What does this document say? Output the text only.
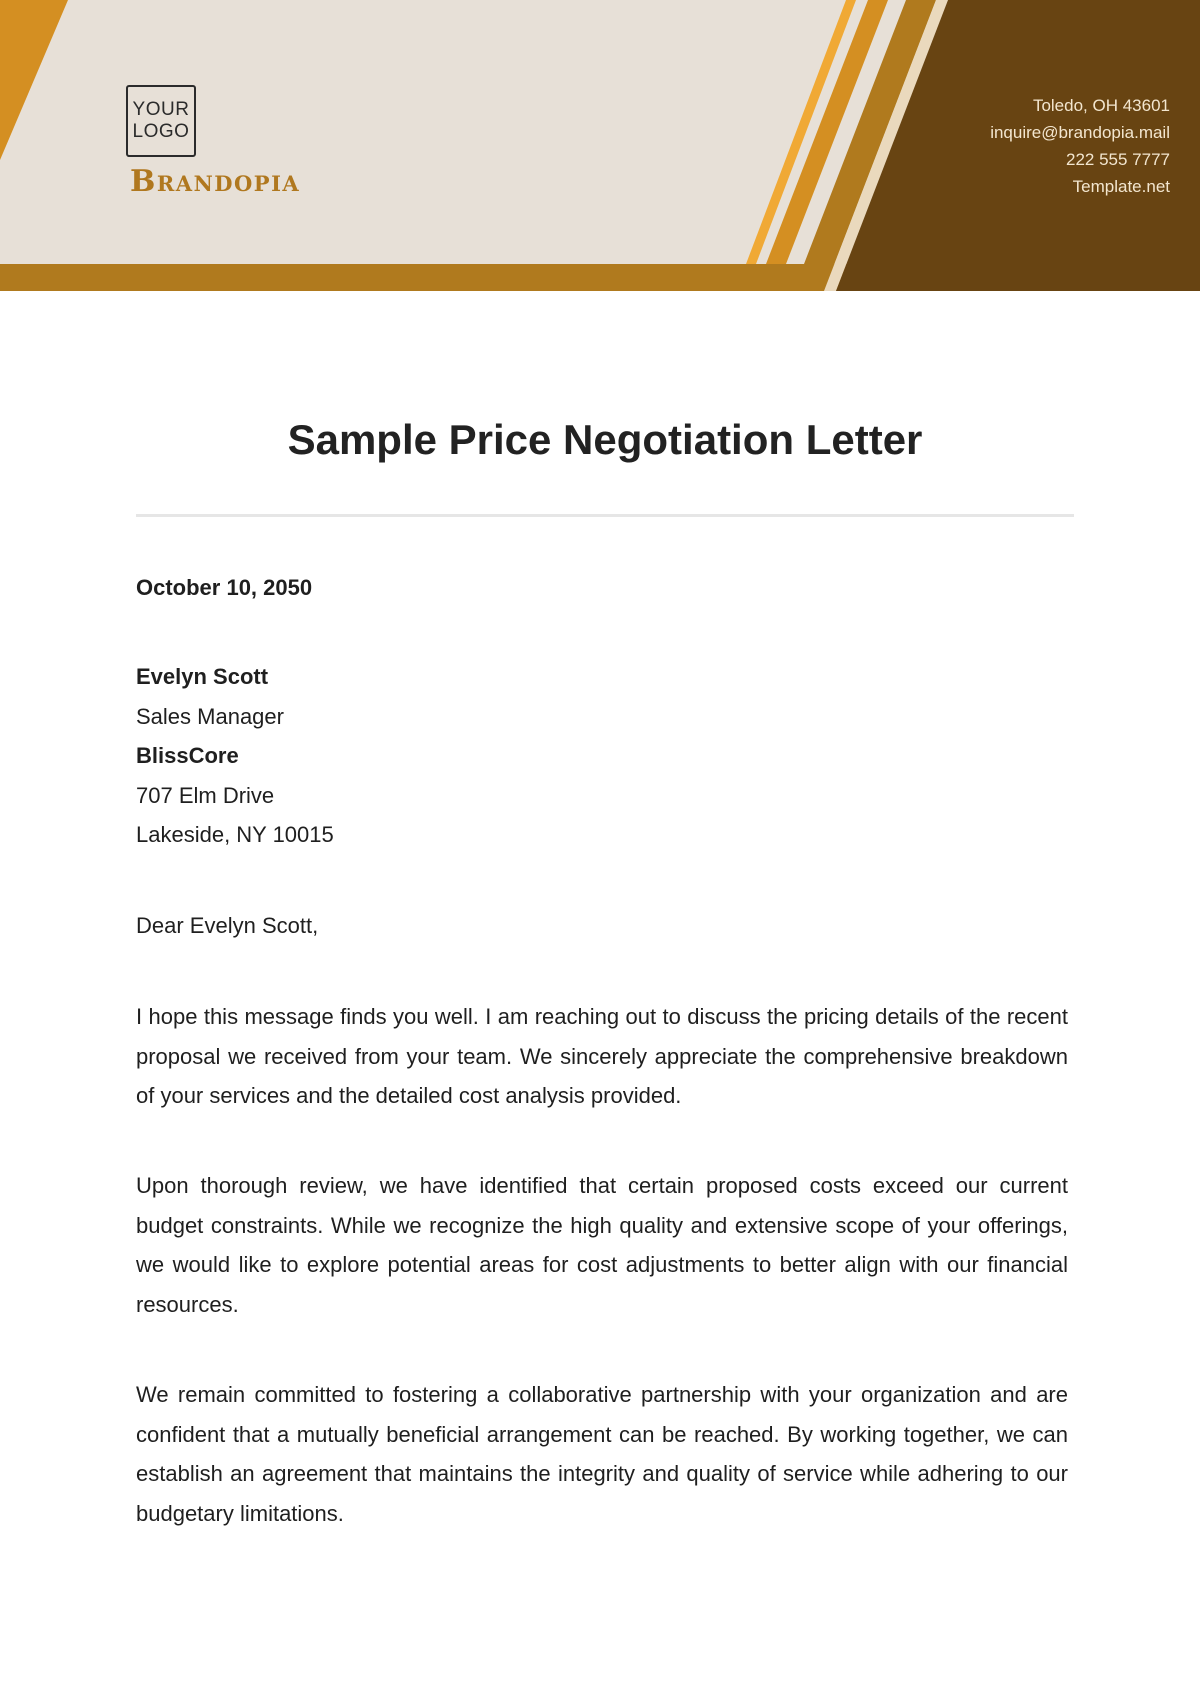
YOUR
LOGO
Brandopia
Toledo, OH 43601
inquire@brandopia.mail
222 555 7777
Template.net
Sample Price Negotiation Letter
October 10, 2050
Evelyn Scott
Sales Manager
BlissCore
707 Elm Drive
Lakeside, NY 10015
Dear Evelyn Scott,
I hope this message finds you well. I am reaching out to discuss the pricing details of the recent proposal we received from your team. We sincerely appreciate the comprehensive breakdown of your services and the detailed cost analysis provided.
Upon thorough review, we have identified that certain proposed costs exceed our current budget constraints. While we recognize the high quality and extensive scope of your offerings, we would like to explore potential areas for cost adjustments to better align with our financial resources.
We remain committed to fostering a collaborative partnership with your organization and are confident that a mutually beneficial arrangement can be reached. By working together, we can establish an agreement that maintains the integrity and quality of service while adhering to our budgetary limitations.
